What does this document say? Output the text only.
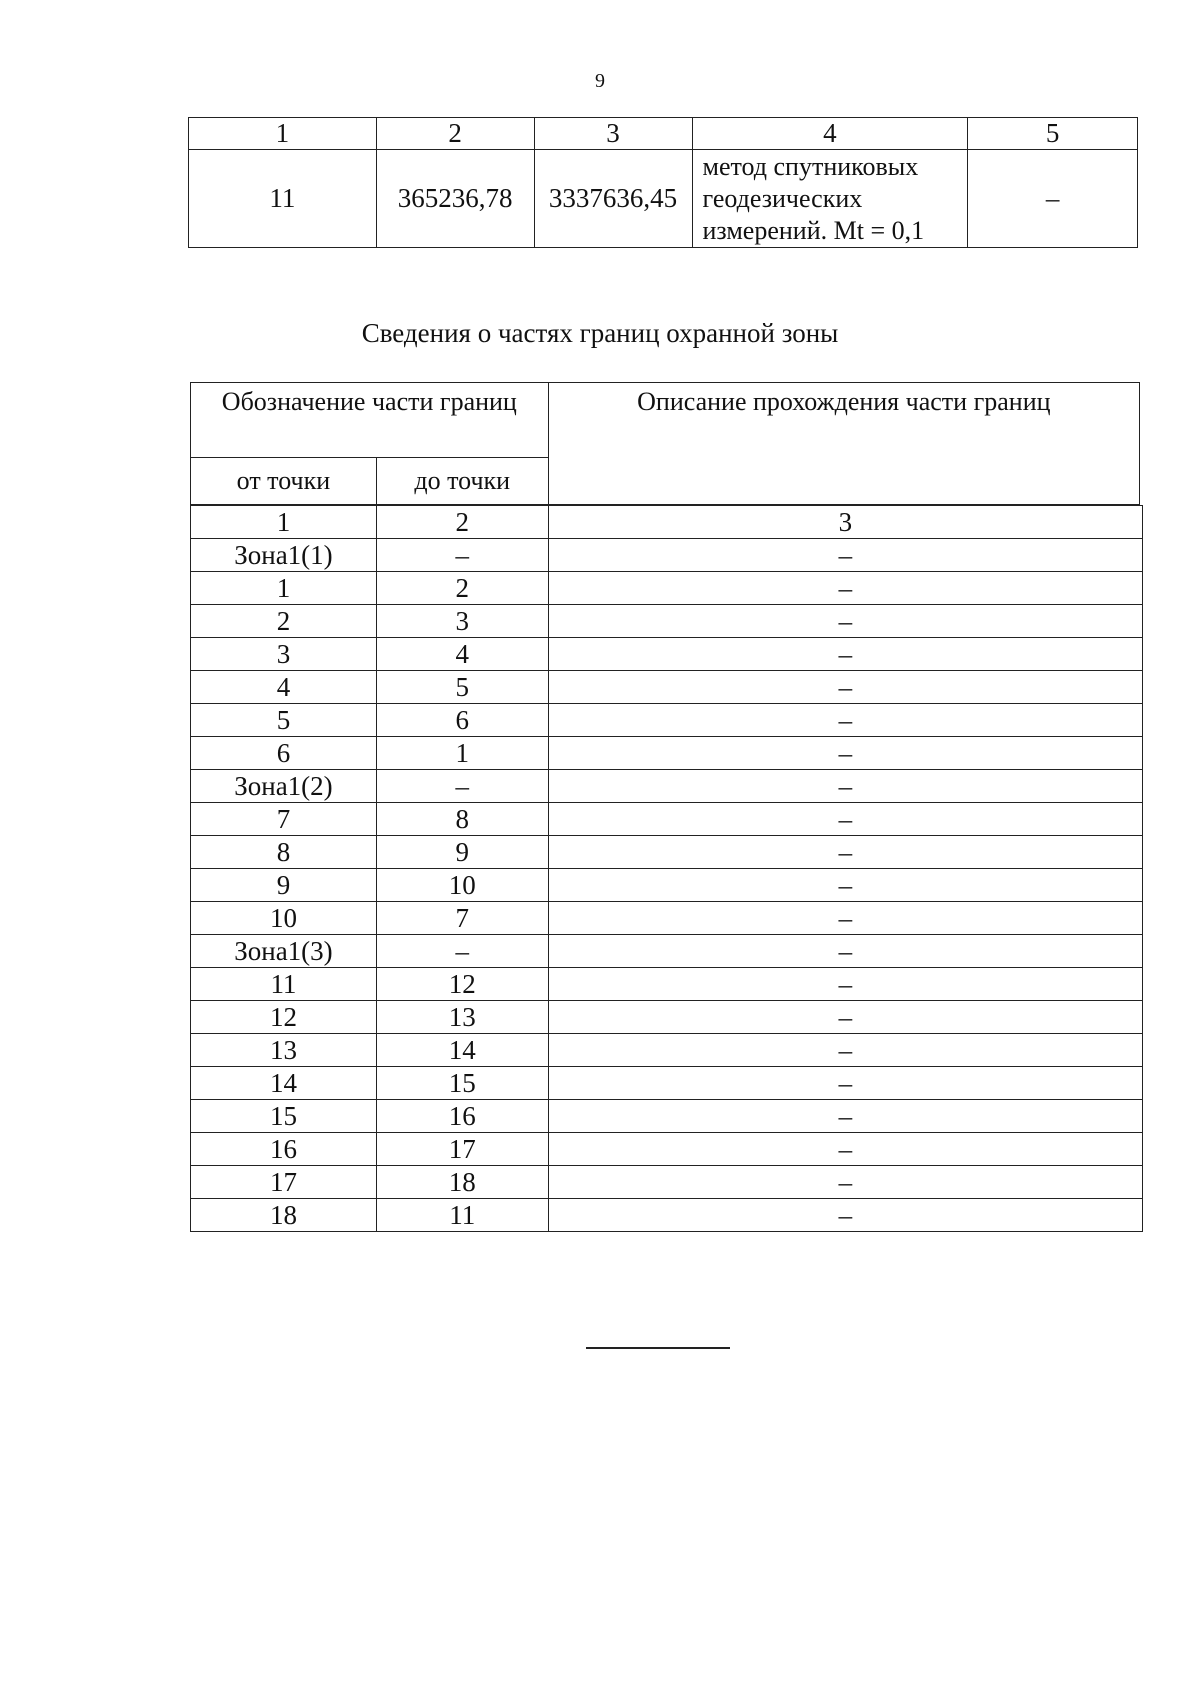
9
1	2	3	4	5
11	365236,78	3337636,45	метод спутниковых
геодезических
измерений. Mt = 0,1	–
Сведения о частях границ охранной зоны
Обозначение части границ		Описание прохождения части границ
от точки	до точки	
1	2	3
Зона1(1)	–	–
1	2	–
2	3	–
3	4	–
4	5	–
5	6	–
6	1	–
Зона1(2)	–	–
7	8	–
8	9	–
9	10	–
10	7	–
Зона1(3)	–	–
11	12	–
12	13	–
13	14	–
14	15	–
15	16	–
16	17	–
17	18	–
18	11	–
